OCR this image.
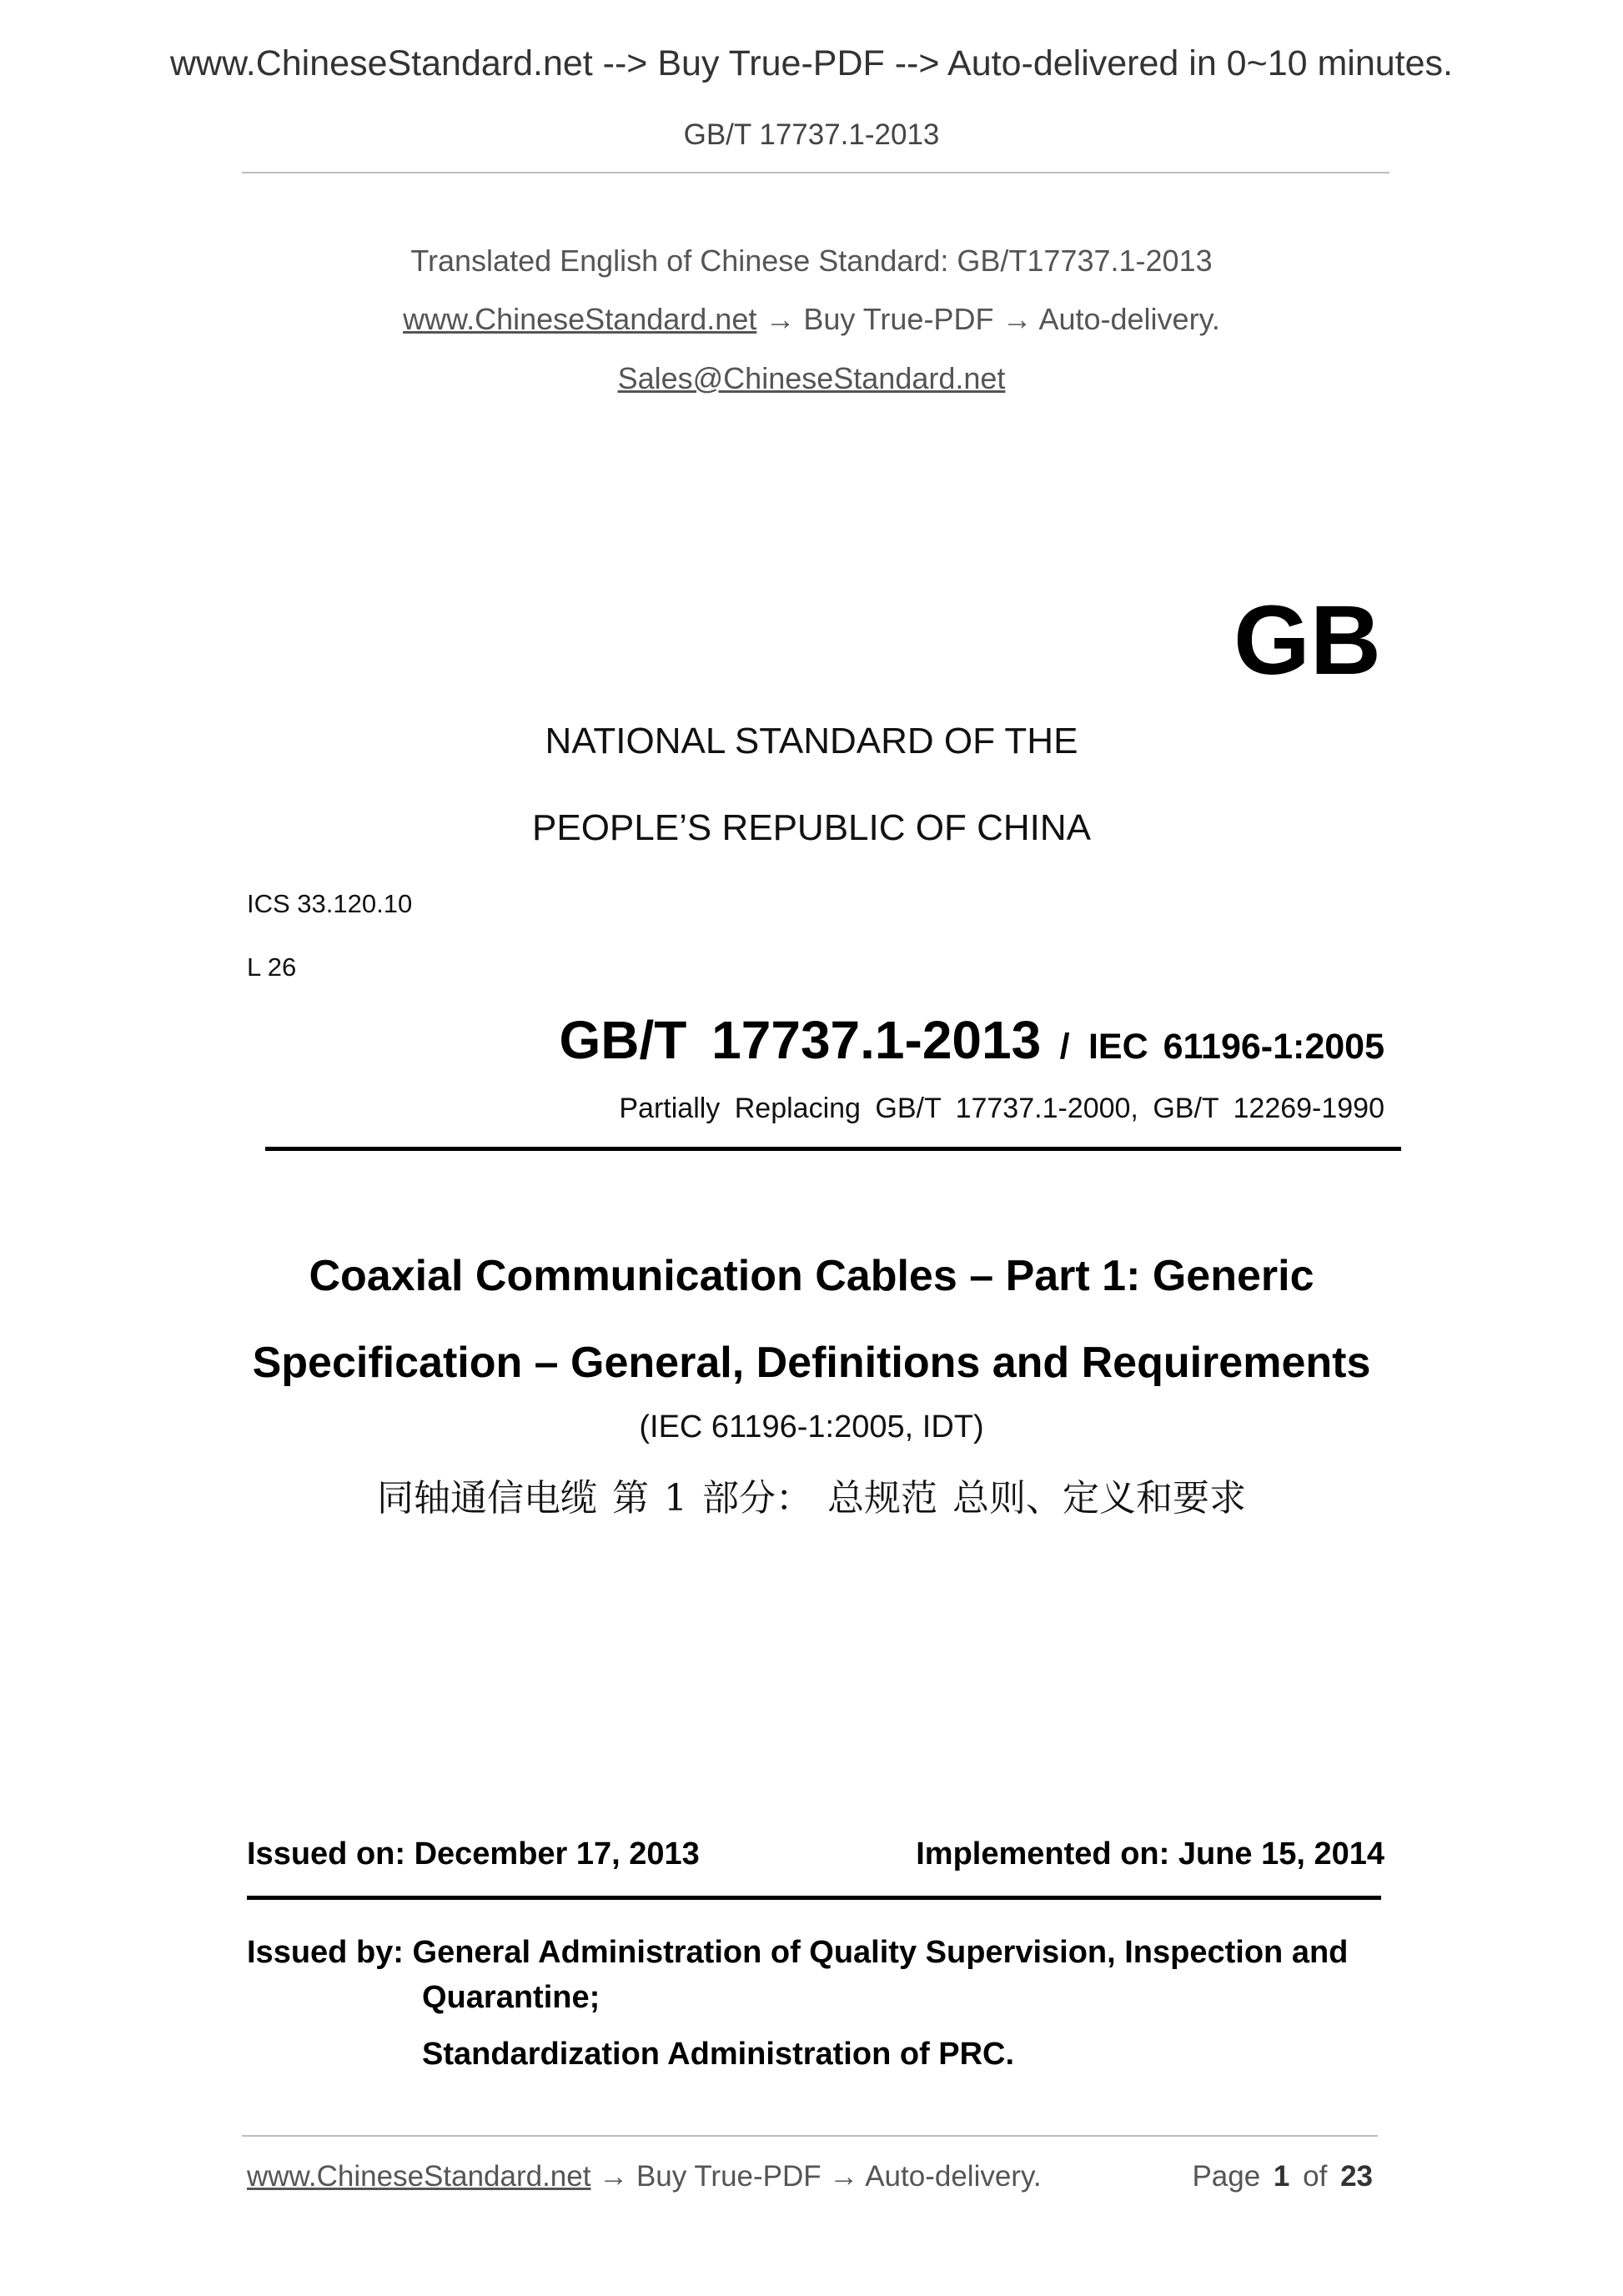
www.ChineseStandard.net --> Buy True-PDF --> Auto-delivered in 0~10 minutes.
GB/T 17737.1-2013
Translated English of Chinese Standard: GB/T17737.1-2013
www.ChineseStandard.net → Buy True-PDF → Auto-delivery.
Sales@ChineseStandard.net
GB
NATIONAL STANDARD OF THE
PEOPLE’S REPUBLIC OF CHINA
ICS 33.120.10
L 26
GB/T 17737.1-2013 / IEC 61196-1:2005
Partially Replacing GB/T 17737.1-2000, GB/T 12269-1990
Coaxial Communication Cables – Part 1: Generic
Specification – General, Definitions and Requirements
(IEC 61196-1:2005, IDT)
同轴通信电缆 第 1 部分： 总规范 总则、定义和要求
Issued on: December 17, 2013	Implemented on: June 15, 2014
Issued by: General Administration of Quality Supervision, Inspection and
Quarantine;
Standardization Administration of PRC.
www.ChineseStandard.net → Buy True-PDF → Auto-delivery.	Page 1 of 23
